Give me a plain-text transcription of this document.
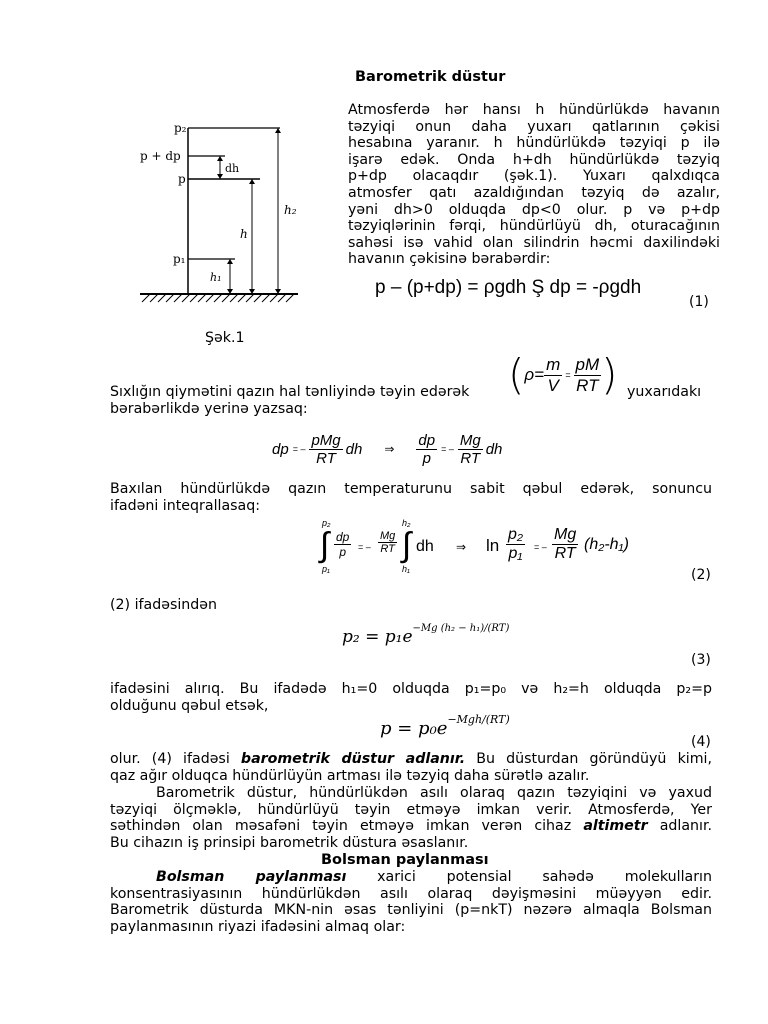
Barometrik düstur
Atmosferdə hər hansı h hündürlükdə havanın
təzyiqi onun daha yuxarı qatlarının çəkisi
hesabına yaranır. h hündürlükdə təzyiqi p ilə
işarə edək. Onda h+dh hündürlükdə təzyiq
p+dp olacaqdır (şək.1). Yuxarı qalxdıqca
atmosfer qatı azaldığından təzyiq də azalır,
yəni dh>0 olduqda dp<0 olur. p və p+dp
təzyiqlərinin fərqi, hündürlüyü dh, oturacağının
sahəsi isə vahid olan silindrin həcmi daxilindəki
havanın çəkisinə bərabərdir:
p₂
p + dp
p
p₁
dh
h
h₁
h₂
Şək.1
p – (p+dp) = ρgdh Ş dp = -ρgdh
(1)
Sıxlığın qiymətini qazın hal tənliyində təyin edərək ( $\rho= \frac{m}{V} = \frac{pM}{RT}$ ) yuxarıdakı
bərabərlikdə yerinə yazsaq:
dp = – $\frac{\text{pMg}}{RT}$ dh	⇒	$\frac{dp}{p}$ = – $\frac{Mg}{RT}$ dh
Baxılan hündürlükdə qazın temperaturunu sabit qəbul edərək, sonuncu
ifadəni inteqrallasaq:
p₂
∫
p₁
$\frac{dp}{p}$ = – $\frac{Mg}{RT}$
h₂
∫
h₁
dh ⇒ $\ln \frac{\text{p₂}}{\text{p₁}}$ = – $\frac{Mg}{RT} (h_2-h_1)$
(2)
(2) ifadəsindən
$p_2 = p_1e^{-Mg (h_2 - h_1)/(RT)}$
(3)
ifadəsini alırıq. Bu ifadədə h₁=0 olduqda p₁=p₀ və h₂=h olduqda p₂=p
olduğunu qəbul etsək,
$p = p_0e^{-Mgh/(RT)}$
(4)
olur. (4) ifadəsi barometrik düstur adlanır. Bu düsturdan göründüyü kimi,
qaz ağır olduqca hündürlüyün artması ilə təzyiq daha sürətlə azalır.
Barometrik düstur, hündürlükdən asılı olaraq qazın təzyiqini və yaxud
təzyiqi ölçməklə, hündürlüyü təyin etməyə imkan verir. Atmosferdə, Yer
səthindən olan məsafəni təyin etməyə imkan verən cihaz altimetr adlanır.
Bu cihazın iş prinsipi barometrik düstura əsaslanır.
Bolsman paylanması
Bolsman paylanması xarici potensial sahədə molekulların
konsentrasiyasının hündürlükdən asılı olaraq dəyişməsini müəyyən edir.
Barometrik düsturda MKN-nin əsas tənliyini (p=nkT) nəzərə almaqla Bolsman
paylanmasının riyazi ifadəsini almaq olar:
